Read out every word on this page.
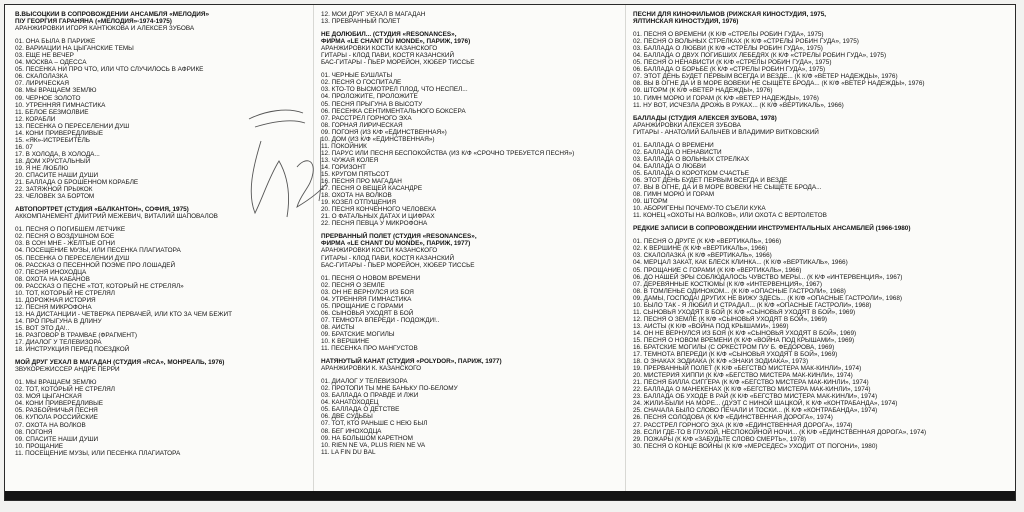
В.ВЫСОЦКИЙ В СОПРОВОЖДЕНИИ АНСАМБЛЯ «МЕЛОДИЯ»
П/У ГЕОРГИЯ ГАРАНЯНА («МЕЛОДИЯ»-1974-1975)
АРАНЖИРОВКИ ИГОРЯ КАНТЮКОВА И АЛЕКСЕЯ ЗУБОВА
01. ОНА БЫЛА В ПАРИЖЕ
02. ВАРИАЦИИ НА ЦЫГАНСКИЕ ТЕМЫ
03. ЕЩЕ НЕ ВЕЧЕР
04. МОСКВА – ОДЕССА
05. ПЕСЕНКА НИ ПРО ЧТО, ИЛИ ЧТО СЛУЧИЛОСЬ В АФРИКЕ
06. СКАЛОЛАЗКА
07. ЛИРИЧЕСКАЯ
08. МЫ ВРАЩАЕМ ЗЕМЛЮ
09. ЧЕРНОЕ ЗОЛОТО
10. УТРЕННЯЯ ГИМНАСТИКА
11. БЕЛОЕ БЕЗМОЛВИЕ
12. КОРАБЛИ
13. ПЕСЕНКА О ПЕРЕСЕЛЕНИИ ДУШ
14. КОНИ ПРИВЕРЕДЛИВЫЕ
15. «ЯК»-ИСТРЕБИТЕЛЬ
16. 07
17. В ХОЛОДА, В ХОЛОДА...
18. ДОМ ХРУСТАЛЬНЫЙ
19. Я НЕ ЛЮБЛЮ
20. СПАСИТЕ НАШИ ДУШИ
21. БАЛЛАДА О БРОШЕННОМ КОРАБЛЕ
22. ЗАТЯЖНОЙ ПРЫЖОК
23. ЧЕЛОВЕК ЗА БОРТОМ
АВТОПОРТРЕТ (СТУДИЯ «БАЛКАНТОН», СОФИЯ, 1975)
АККОМПАНЕМЕНТ ДМИТРИЙ МЕЖЕВИЧ, ВИТАЛИЙ ШАПОВАЛОВ
01. ПЕСНЯ О ПОГИБШЕМ ЛЕТЧИКЕ
02. ПЕСНЯ О ВОЗДУШНОМ БОЕ
03. В СОН МНЕ - ЖЕЛТЫЕ ОГНИ
04. ПОСЕЩЕНИЕ МУЗЫ, ИЛИ ПЕСЕНКА ПЛАГИАТОРА
05. ПЕСЕНКА О ПЕРЕСЕЛЕНИИ ДУШ
06. РАССКАЗ О ПЕСЕННОЙ ПОЭМЕ ПРО ЛОШАДЕЙ
07. ПЕСНЯ ИНОХОДЦА
08. ОХОТА НА КАБАНОВ
09. РАССКАЗ О ПЕСНЕ «ТОТ, КОТОРЫЙ НЕ СТРЕЛЯЛ»
10. ТОТ, КОТОРЫЙ НЕ СТРЕЛЯЛ
11. ДОРОЖНАЯ ИСТОРИЯ
12. ПЕСНЯ МИКРОФОНА
13. НА ДИСТАНЦИИ - ЧЕТВЕРКА ПЕРВАЧЕЙ, ИЛИ КТО ЗА ЧЕМ БЕЖИТ
14. ПРО ПРЫГУНА В ДЛИНУ
15. ВОТ ЭТО ДА!..
16. РАЗГОВОР В ТРАМВАЕ (ФРАГМЕНТ)
17. ДИАЛОГ У ТЕЛЕВИЗОРА
18. ИНСТРУКЦИЯ ПЕРЕД ПОЕЗДКОЙ
МОЙ ДРУГ УЕХАЛ В МАГАДАН (СТУДИЯ «RCA», МОНРЕАЛЬ, 1976)
ЗВУКОРЕЖИССЕР АНДРЕ ПЕРРИ
01. МЫ ВРАЩАЕМ ЗЕМЛЮ
02. ТОТ, КОТОРЫЙ НЕ СТРЕЛЯЛ
03. МОЯ ЦЫГАНСКАЯ
04. КОНИ ПРИВЕРЕДЛИВЫЕ
05. РАЗБОЙНИЧЬЯ ПЕСНЯ
06. КУПОЛА РОССИЙСКИЕ
07. ОХОТА НА ВОЛКОВ
08. ПОГОНЯ
09. СПАСИТЕ НАШИ ДУШИ
10. ПРОЩАНИЕ
11. ПОСЕЩЕНИЕ МУЗЫ, ИЛИ ПЕСЕНКА ПЛАГИАТОРА
12. МОЙ ДРУГ УЕХАЛ В МАГАДАН
13. ПРЕВРАННЫЙ ПОЛЕТ
НЕ ДОЛЮБИЛ... (СТУДИЯ «RESONANCES»,
ФИРМА «LE CHANT DU MONDE», ПАРИЖ, 1976)
АРАНЖИРОВКИ КОСТИ КАЗАНСКОГО
ГИТАРЫ - КЛОД ПАВИ, КОСТЯ КАЗАНСКИЙ
БАС-ГИТАРЫ - ПЬЕР МОРЕЙОН, ХЮБЕР ТИССЬЕ
01. ЧЕРНЫЕ БУШЛАТЫ
02. ПЕСНЯ О ГОСПИТАЛЕ
03. КТО-ТО ВЫСМОТРЕЛ ПЛОД, ЧТО НЕСПЕЛ...
04. ПРОЛОЖИТЕ, ПРОЛОЖИТЕ
05. ПЕСНЯ ПРЫГУНА В ВЫСОТУ
06. ПЕСЕНКА СЕНТИМЕНТАЛЬНОГО БОКСЕРА
07. РАССТРЕЛ ГОРНОГО ЭХА
08. ГОРНАЯ ЛИРИЧЕСКАЯ
09. ПОГОНЯ (ИЗ К/Ф «ЕДИНСТВЕННАЯ»)
10. ДОМ (ИЗ К/Ф «ЕДИНСТВЕННАЯ»)
11. ПОКОЙНИК
12. ПАРУС ИЛИ ПЕСНЯ БЕСПОКОЙСТВА (ИЗ К/Ф «СРОЧНО ТРЕБУЕТСЯ ПЕСНЯ»)
13. ЧУЖАЯ КОЛЕЯ
14. ГОРИЗОНТ
15. КРУГОМ ПЯТЬСОТ
16. ПЕСНЯ ПРО МАГАДАН
17. ПЕСНЯ О ВЕЩЕЙ КАСАНДРЕ
18. ОХОТА НА ВОЛКОВ
19. КОЗЕЛ ОТПУЩЕНИЯ
20. ПЕСНЯ КОНЧЕННОГО ЧЕЛОВЕКА
21. О ФАТАЛЬНЫХ ДАТАХ И ЦИФРАХ
22. ПЕСНЯ ПЕВЦА У МИКРОФОНА
ПРЕРВАННЫЙ ПОЛЕТ (СТУДИЯ «RESONANCES»,
ФИРМА «LE CHANT DU MONDE», ПАРИЖ, 1977)
АРАНЖИРОВКИ КОСТИ КАЗАНСКОГО
ГИТАРЫ - КЛОД ПАВИ, КОСТЯ КАЗАНСКИЙ
БАС-ГИТАРЫ - ПЬЕР МОРЕЙОН, ХЮБЕР ТИССЬЕ
01. ПЕСНЯ О НОВОМ ВРЕМЕНИ
02. ПЕСНЯ О ЗЕМЛЕ
03. ОН НЕ ВЕРНУЛСЯ ИЗ БОЯ
04. УТРЕННЯЯ ГИМНАСТИКА
05. ПРОЩАНИЕ С ГОРАМИ
06. СЫНОВЬЯ УХОДЯТ В БОЙ
07. ТЕМНОТА ВПЕРЕДИ - ПОДОЖДИ!..
08. АИСТЫ
09. БРАТСКИЕ МОГИЛЫ
10. К ВЕРШИНЕ
11. ПЕСЕНКА ПРО МАНГУСТОВ
НАТЯНУТЫЙ КАНАТ (СТУДИЯ «POLYDOR», ПАРИЖ, 1977)
АРАНЖИРОВКИ К. КАЗАНСКОГО
01. ДИАЛОГ У ТЕЛЕВИЗОРА
02. ПРОТОПИ ТЫ МНЕ БАНЬКУ ПО-БЕЛОМУ
03. БАЛЛАДА О ПРАВДЕ И ЛЖИ
04. КАНАТОХОДЕЦ
05. БАЛЛАДА О ДЕТСТВЕ
06. ДВЕ СУДЬБЫ
07. ТОТ, КТО РАНЬШЕ С НЕЮ БЫЛ
08. БЕГ ИНОХОДЦА
09. НА БОЛЬШОМ КАРЕТНОМ
10. RIEN NE VA, PLUS RIEN NE VA
11. LA FIN DU BAL
ПЕСНИ ДЛЯ КИНОФИЛЬМОВ (РИЖСКАЯ КИНОСТУДИЯ, 1975,
ЯЛТИНСКАЯ КИНОСТУДИЯ, 1976)
01. ПЕСНЯ О ВРЕМЕНИ (К К/Ф «СТРЕЛЫ РОБИН ГУДА», 1975)
02. ПЕСНЯ О ВОЛЬНЫХ СТРЕЛКАХ (К К/Ф «СТРЕЛЫ РОБИН ГУДА», 1975)
03. БАЛЛАДА О ЛЮБВИ (К К/Ф «СТРЕЛЫ РОБИН ГУДА», 1975)
04. БАЛЛАДА О ДВУХ ПОГИБШИХ ЛЕБЕДЯХ (К К/Ф «СТРЕЛЫ РОБИН ГУДА», 1975)
05. ПЕСНЯ О НЕНАВИСТИ (К К/Ф «СТРЕЛЫ РОБИН ГУДА», 1975)
06. БАЛЛАДА О БОРЬБЕ (К К/Ф «СТРЕЛЫ РОБИН ГУДА», 1975)
07. ЭТОТ ДЕНЬ БУДЕТ ПЕРВЫМ ВСЕГДА И ВЕЗДЕ... (К К/Ф «ВЕТЕР НАДЕЖДЫ», 1976)
08. ВЫ В ОГНЕ ДА И В МОРЕ ВОВЕКИ НЕ СЫЩЕТЕ БРОДА... (К К/Ф «ВЕТЕР НАДЕЖДЫ», 1976)
09. ШТОРМ (К К/Ф «ВЕТЕР НАДЕЖДЫ», 1976)
10. ГИМН МОРЮ И ГОРАМ (К К/Ф «ВЕТЕР НАДЕЖДЫ», 1976)
11. НУ ВОТ, ИСЧЕЗЛА ДРОЖЬ В РУКАХ... (К К/Ф «ВЕРТИКАЛЬ», 1966)
БАЛЛАДЫ (СТУДИЯ АЛЕКСЕЯ ЗУБОВА, 1978)
АРАНЖИРОВКИ АЛЕКСЕЯ ЗУБОВА
ГИТАРЫ - АНАТОЛИЙ БАЛЬЧЕВ И ВЛАДИМИР ВИТКОВСКИЙ
01. БАЛЛАДА О ВРЕМЕНИ
02. БАЛЛАДА О НЕНАВИСТИ
03. БАЛЛАДА О ВОЛЬНЫХ СТРЕЛКАХ
04. БАЛЛАДА О ЛЮБВИ
05. БАЛЛАДА О КОРОТКОМ СЧАСТЬЕ
06. ЭТОТ ДЕНЬ БУДЕТ ПЕРВЫМ ВСЕГДА И ВЕЗДЕ
07. ВЫ В ОГНЕ, ДА И В МОРЕ ВОВЕКИ НЕ СЫЩЕТЕ БРОДА...
08. ГИМН МОРЮ И ГОРАМ
09. ШТОРМ
10. АБОРИГЕНЫ ПОЧЕМУ-ТО СЪЕЛИ КУКА
11. КОНЕЦ «ОХОТЫ НА ВОЛКОВ», ИЛИ ОХОТА С ВЕРТОЛЕТОВ
РЕДКИЕ ЗАПИСИ В СОПРОВОЖДЕНИИ ИНСТРУМЕНТАЛЬНЫХ АНСАМБЛЕЙ (1966-1980)
01. ПЕСНЯ О ДРУГЕ (К К/Ф «ВЕРТИКАЛЬ», 1966)
02. К ВЕРШИНЕ (К К/Ф «ВЕРТИКАЛЬ», 1966)
03. СКАЛОЛАЗКА (К К/Ф «ВЕРТИКАЛЬ», 1966)
04. МЕРЦАЛ ЗАКАТ, КАК БЛЕСК КЛИНКА... (К К/Ф «ВЕРТИКАЛЬ», 1966)
05. ПРОЩАНИЕ С ГОРАМИ (К К/Ф «ВЕРТИКАЛЬ», 1966)
06. ДО НАШЕЙ ЭРЫ СОБЛЮДАЛОСЬ ЧУВСТВО МЕРЫ... (К К/Ф «ИНТЕРВЕНЦИЯ», 1967)
07. ДЕРЕВЯННЫЕ КОСТЮМЫ (К К/Ф «ИНТЕРВЕНЦИЯ», 1967)
08. В ТОМЛЕНЬЕ ОДИНОКОМ... (К К/Ф «ОПАСНЫЕ ГАСТРОЛИ», 1968)
09. ДАМЫ, ГОСПОДА! ДРУГИХ НЕ ВИЖУ ЗДЕСЬ... (К К/Ф «ОПАСНЫЕ ГАСТРОЛИ», 1968)
10. БЫЛО ТАК - Я ЛЮБИЛ И СТРАДАЛ... (К К/Ф «ОПАСНЫЕ ГАСТРОЛИ», 1968)
11. СЫНОВЬЯ УХОДЯТ В БОЙ (К К/Ф «СЫНОВЬЯ УХОДЯТ В БОЙ», 1969)
12. ПЕСНЯ О ЗЕМЛЕ (К К/Ф «СЫНОВЬЯ УХОДЯТ В БОЙ», 1969)
13. АИСТЫ (К К/Ф «ВОЙНА ПОД КРЫШАМИ», 1969)
14. ОН НЕ ВЕРНУЛСЯ ИЗ БОЯ (К К/Ф «СЫНОВЬЯ УХОДЯТ В БОЙ», 1969)
15. ПЕСНЯ О НОВОМ ВРЕМЕНИ (К К/Ф «ВОЙНА ПОД КРЫШАМИ», 1969)
16. БРАТСКИЕ МОГИЛЫ (С ОРКЕСТРОМ П/У Б. ФЕДОРОВА, 1969)
17. ТЕМНОТА ВПЕРЕДИ (К К/Ф «СЫНОВЬЯ УХОДЯТ В БОЙ», 1969)
18. О ЗНАКАХ ЗОДИАКА (К К/Ф «ЗНАКИ ЗОДИАКА», 1973)
19. ПРЕРВАННЫЙ ПОЛЕТ (К К/Ф «БЕГСТВО МИСТЕРА МАК-КИНЛИ», 1974)
20. МИСТЕРИЯ ХИППИ (К К/Ф «БЕГСТВО МИСТЕРА МАК-КИНЛИ», 1974)
21. ПЕСНЯ БИЛЛА СИГГЕРА (К К/Ф «БЕГСТВО МИСТЕРА МАК-КИНЛИ», 1974)
22. БАЛЛАДА О МАНЕКЕНАХ (К К/Ф «БЕГСТВО МИСТЕРА МАК-КИНЛИ», 1974)
23. БАЛЛАДА ОБ УХОДЕ В РАЙ (К К/Ф «БЕГСТВО МИСТЕРА МАК-КИНЛИ», 1974)
24. ЖИЛИ-БЫЛИ НА МОРЕ... (ДУЭТ С НИНОЙ ШАЦКОЙ, К К/Ф «КОНТРАБАНДА», 1974)
25. СНАЧАЛА БЫЛО СЛОВО ПЕЧАЛИ И ТОСКИ... (К К/Ф «КОНТРАБАНДА», 1974)
26. ПЕСНЯ СОЛОДОВА (К К/Ф «ЕДИНСТВЕННАЯ ДОРОГА», 1974)
27. РАССТРЕЛ ГОРНОГО ЭХА (К К/Ф «ЕДИНСТВЕННАЯ ДОРОГА», 1974)
28. ЕСЛИ ГДЕ-ТО В ГЛУХОЙ, НЕСПОКОЙНОЙ НОЧИ... (К К/Ф «ЕДИНСТВЕННАЯ ДОРОГА», 1974)
29. ПОЖАРЫ (К К/Ф «ЗАБУДЬТЕ СЛОВО СМЕРТЬ», 1978)
30. ПЕСНЯ О КОНЦЕ ВОЙНЫ (К К/Ф «МЕРСЕДЕС» УХОДИТ ОТ ПОГОНИ», 1980)
